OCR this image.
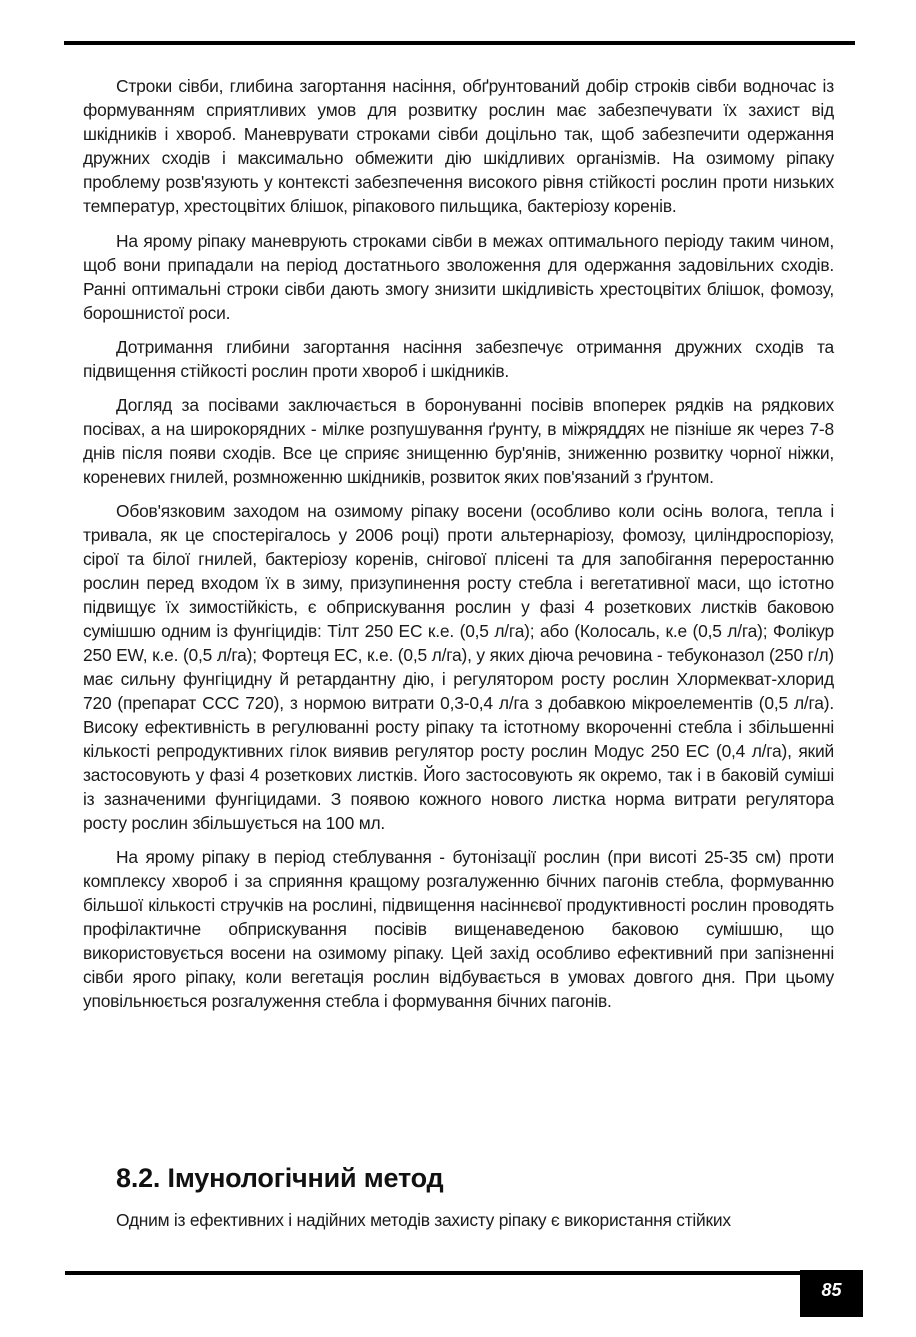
Строки сівби, глибина загортання насіння, обґрунтований добір строків сівби водночас із формуванням сприятливих умов для розвитку рослин має забезпечувати їх захист від шкідників і хвороб. Маневрувати строками сівби доцільно так, щоб забезпечити одержання дружних сходів і максимально обмежити дію шкідливих організмів. На озимому ріпаку проблему розв'язують у контексті забезпечення високого рівня стійкості рослин проти низьких температур, хрестоцвітих блішок, ріпакового пильщика, бактеріозу коренів.

На ярому ріпаку маневрують строками сівби в межах оптимального періоду таким чином, щоб вони припадали на період достатнього зволоження для одержання задовільних сходів. Ранні оптимальні строки сівби дають змогу знизити шкідливість хрестоцвітих блішок, фомозу, борошнистої роси.

Дотримання глибини загортання насіння забезпечує отримання дружних сходів та підвищення стійкості рослин проти хвороб і шкідників.

Догляд за посівами заключається в боронуванні посівів впоперек рядків на рядкових посівах, а на широкорядних - мілке розпушування ґрунту, в міжряддях не пізніше як через 7-8 днів після появи сходів. Все це сприяє знищенню бур'янів, зниженню розвитку чорної ніжки, кореневих гнилей, розмноженню шкідників, розвиток яких пов'язаний з ґрунтом.

Обов'язковим заходом на озимому ріпаку восени (особливо коли осінь волога, тепла і тривала, як це спостерігалось у 2006 році) проти альтернаріозу, фомозу, циліндроспоріозу, сірої та білої гнилей, бактеріозу коренів, снігової плісені та для запобігання переростанню рослин перед входом їх в зиму, призупинення росту стебла і вегетативної маси, що істотно підвищує їх зимостійкість, є обприскування рослин у фазі 4 розеткових листків баковою сумішшю одним із фунгіцидів: Тілт 250 ЕС к.е. (0,5 л/га); або (Колосаль, к.е (0,5 л/га); Фолікур 250 EW, к.е. (0,5 л/га); Фортеця ЕС, к.е. (0,5 л/га), у яких діюча речовина - тебуконазол (250 г/л) має сильну фунгіцидну й ретардантну дію, і регулятором росту рослин Хлормекват-хлорид 720 (препарат ССС 720), з нормою витрати 0,3-0,4 л/га з добавкою мікроелементів (0,5 л/га). Високу ефективність в регулюванні росту ріпаку та істотному вкороченні стебла і збільшенні кількості репродуктивних гілок виявив регулятор росту рослин Модус 250 ЕС (0,4 л/га), який застосовують у фазі 4 розеткових листків. Його застосовують як окремо, так і в баковій суміші із зазначеними фунгіцидами. З появою кожного нового листка норма витрати регулятора росту рослин збільшується на 100 мл.

На ярому ріпаку в період стеблування - бутонізації рослин (при висоті 25-35 см) проти комплексу хвороб і за сприяння кращому розгалуженню бічних пагонів стебла, формуванню більшої кількості стручків на рослині, підвищення насіннєвої продуктивності рослин проводять профілактичне обприскування посівів вищенаведеною баковою сумішшю, що використовується восени на озимому ріпаку. Цей захід особливо ефективний при запізненні сівби ярого ріпаку, коли вегетація рослин відбувається в умовах довгого дня. При цьому уповільнюється розгалуження стебла і формування бічних пагонів.

8.2. Імунологічний метод

Одним із ефективних і надійних методів захисту ріпаку є використання стійких

85
